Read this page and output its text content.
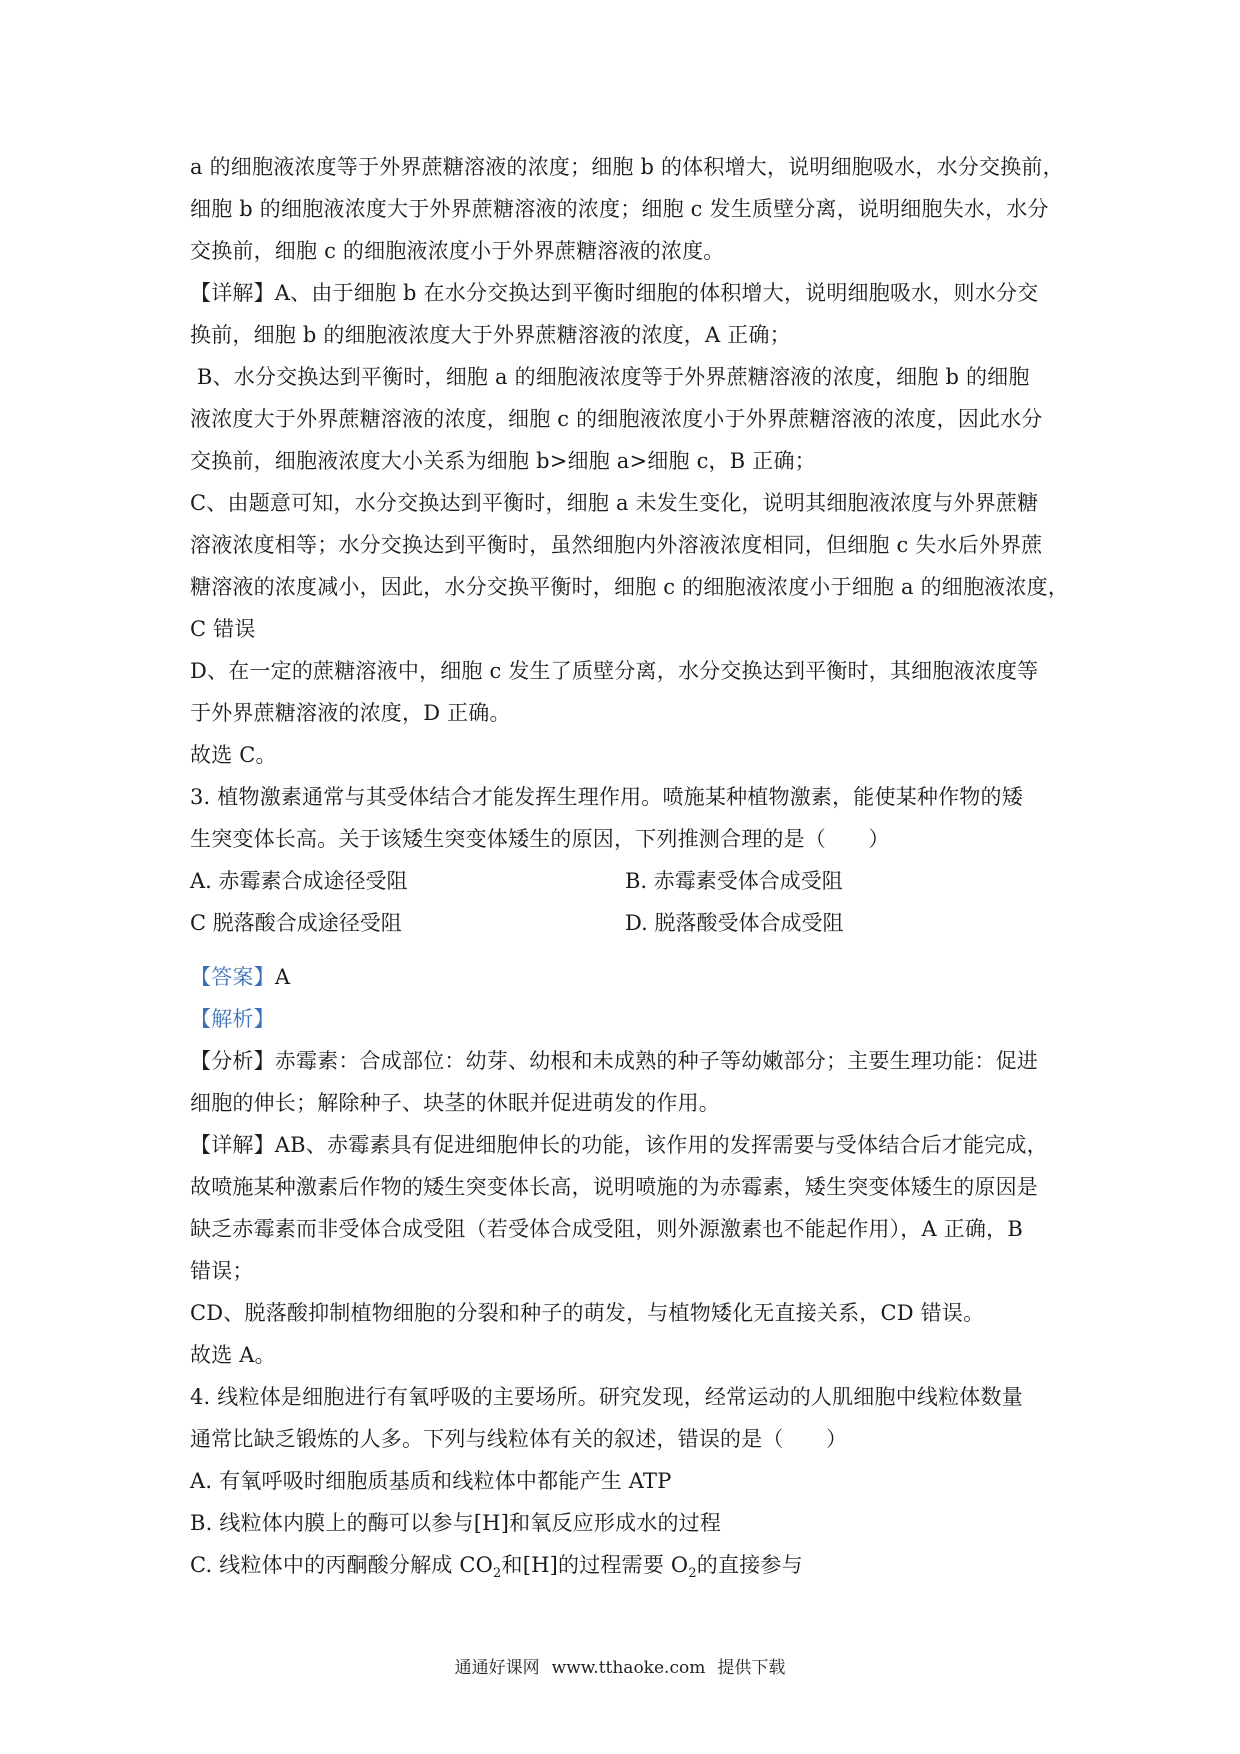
a 的细胞液浓度等于外界蔗糖溶液的浓度；细胞 b 的体积增大，说明细胞吸水，水分交换前，
细胞 b 的细胞液浓度大于外界蔗糖溶液的浓度；细胞 c 发生质壁分离，说明细胞失水，水分
交换前，细胞 c 的细胞液浓度小于外界蔗糖溶液的浓度。
【详解】A、由于细胞 b 在水分交换达到平衡时细胞的体积增大，说明细胞吸水，则水分交
换前，细胞 b 的细胞液浓度大于外界蔗糖溶液的浓度，A 正确；
B、水分交换达到平衡时，细胞 a 的细胞液浓度等于外界蔗糖溶液的浓度，细胞 b 的细胞
液浓度大于外界蔗糖溶液的浓度，细胞 c 的细胞液浓度小于外界蔗糖溶液的浓度，因此水分
交换前，细胞液浓度大小关系为细胞 b>细胞 a>细胞 c，B 正确；
C、由题意可知，水分交换达到平衡时，细胞 a 未发生变化，说明其细胞液浓度与外界蔗糖
溶液浓度相等；水分交换达到平衡时，虽然细胞内外溶液浓度相同，但细胞 c 失水后外界蔗
糖溶液的浓度减小，因此，水分交换平衡时，细胞 c 的细胞液浓度小于细胞 a 的细胞液浓度，
C 错误
D、在一定的蔗糖溶液中，细胞 c 发生了质壁分离，水分交换达到平衡时，其细胞液浓度等
于外界蔗糖溶液的浓度，D 正确。
故选 C。
3. 植物激素通常与其受体结合才能发挥生理作用。喷施某种植物激素，能使某种作物的矮
生突变体长高。关于该矮生突变体矮生的原因，下列推测合理的是（　　）
A. 赤霉素合成途径受阻	B. 赤霉素受体合成受阻
C 脱落酸合成途径受阻	D. 脱落酸受体合成受阻
【答案】A
【解析】
【分析】赤霉素：合成部位：幼芽、幼根和未成熟的种子等幼嫩部分；主要生理功能：促进
细胞的伸长；解除种子、块茎的休眠并促进萌发的作用。
【详解】AB、赤霉素具有促进细胞伸长的功能，该作用的发挥需要与受体结合后才能完成，
故喷施某种激素后作物的矮生突变体长高，说明喷施的为赤霉素，矮生突变体矮生的原因是
缺乏赤霉素而非受体合成受阻（若受体合成受阻，则外源激素也不能起作用），A 正确，B
错误；
CD、脱落酸抑制植物细胞的分裂和种子的萌发，与植物矮化无直接关系，CD 错误。
故选 A。
4. 线粒体是细胞进行有氧呼吸的主要场所。研究发现，经常运动的人肌细胞中线粒体数量
通常比缺乏锻炼的人多。下列与线粒体有关的叙述，错误的是（　　）
A. 有氧呼吸时细胞质基质和线粒体中都能产生 ATP
B. 线粒体内膜上的酶可以参与[H]和氧反应形成水的过程
C. 线粒体中的丙酮酸分解成 $CO_2$和[H]的过程需要 $O_2$的直接参与
通通好课网 www.tthaoke.com 提供下载
